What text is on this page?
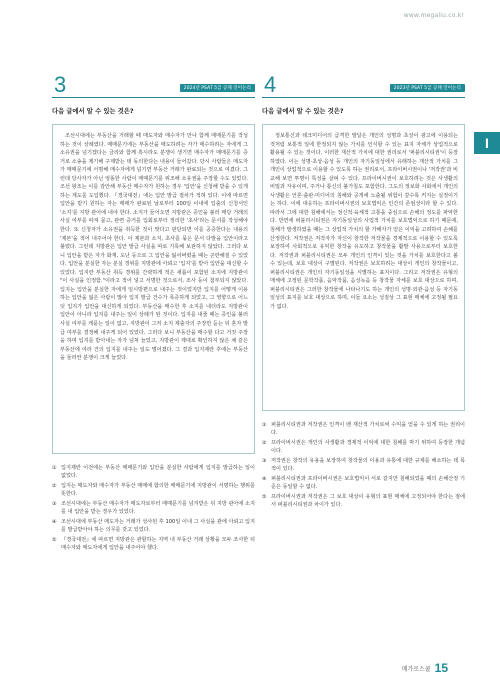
www.megaliu.co.kr
I
3	2024년 PSAT 5급 공채 언어논리
다음 글에서 알 수 있는 것은?

조선시대에는 부동산을 거래할 때 매도자와 매수자가 만나 함께 매매문기를 작성하는 것이 상례였다. 매매문기에는 부동산을 매도하려는 자가 매수하려는 자에게 그 소유권을 넘기겠다는 금리와 함께 흑시라도 분쟁이 생기면 매수자가 매매문기를 증거로 소송을 제기해 구제받는 데 동의한다는 내용이 들어갔다. 당시 사람들은 매도자가 매매문기에 서명해 매수자에게 넘기면 부동산 거래가 완료되는 것으로 여겼다. 그런데 당사자가 아닌 엉뚱한 사람이 매매문기를 위조해 소유권을 주장할 수도 있었다. 조선 왕조는 이를 감안해 부동산 매수자가 원하는 경우 '입안'을 신청해 받을 수 있게 하는 제도를 도입했다. 『경국대전』에는 입안 발급 절차가 적혀 있다. 이에 따르면 입안을 받기 원하는 자는 매매가 완료된 날로부터 100일 이내에 입출의 신청서인 '소지'를 지방 관아에 내야 한다. 소지가 들어오면 지방관은 증인을 불러 매당 거래의 사실 여부를 따져 묻고, 관련 증거를 입회로부터 정리한 '초사'라는 문서를 작성해야 한다. 또 신청자가 소유권을 취득한 것이 맞다고 판단되면 이를 공증한다는 내용의 '제본'을 적어 내주어야 한다. 이 제본과 소지, 초사를 묶은 문서 다발을 입안이라고 불렀다. 그런데 지방관은 입안 발급 사실을 따로 기록해 보관하지 않았다. 그러다 보니 입안을 받은 자가 화재, 도난 등으로 그 입안을 잃어버렸을 때는 곤란해질 수 있었다. 입안을 분실한 자는 분실 경위를 지방관에 아뢰고 '입지'를 받아 입안을 대신할 수 있었다. 입지란 부동산 취득 경위를 간략하게 적은 새롭이 포함된 소지에 지방관이 "이 사실을 인정함."이라고 적어 넣고 서명한 것으로서, 조사 등이 첨부되지 않았다. 입지는 입안을 분실한 자에게 임시방편으로 내주는 것이었지만 입지를 어떻게 이용하는 입안을 잃은 사람이 많아 입지 발급 건수가 폭증하게 되었고, 그 영향으로 어느덧 입지가 입안을 대신하게 되었다. 부동산을 매수한 후 소지를 내더라도 지방관이 입안이 아니라 입지를 내주는 일이 상례가 된 것이다. 입지를 내줄 때는 증인을 불러 사실 여부를 캐묻는 일이 없고, 지방관이 그저 소지 제출자의 주장만 듣는 뒤 혼자 발급 여부를 결정해 내주게 되어 있었다. 그러다 보니 부동산을 매수할 다고 거짓 주장을 하며 입지를 받아내는 자가 넘쳐 늘었고, 지방관이 제대로 확인하지 않은 채 같은 부동산에 여러 건의 입지를 내주는 일도 벌어졌다. 그 결과 입지제란 후에는 부동산을 둘러싼 분쟁이 크게 늘었다.

① 입지제란 이전에는 부동산 매매문기와 입안을 분실한 사람에게 입지를 발급하는 일이 없었다.
② 입지는 매도자와 매수자가 부동산 매매에 합의한 매매문기에 지방관이 서명하는 행위를 뜻한다.
③ 조선시대에는 부동산 매수자가 매도자로부터 매매문기를 넘겨받은 뒤 지방 관아에 소지를 내 입안을 받는 경우가 있었다.
④ 조선시대에 부동산 매도자는 거래가 성사된 후 100일 이내 그 사실을 관에 아뢰고 입지를 발급받아야 하는 의무를 갖고 있었다.
⑤ 『경국대전』에 따르면 지방관은 관할하는 지역 내 부동산 거래 상황을 모두 조사한 뒤 매수자와 매도자에게 입안을 내주어야 했다.
4	2023년 PSAT 5급 공채 언어논리
다음 글에서 알 수 있는 것은?

정보통신과 테크미디어의 급격한 발달은 개인의 성명과 초상이 광고에 이용되는 것처럼 보통적 일에 한정되지 않는 가치를 인식할 수 있는 표지 자체가 상업적으로 활용될 수 있는 것이다. 이러한 재산적 가치에 대한 권리로서 '퍼블리시티권'이 등장하였다. 이는 성명·초상·음성 등 개인의 자기동일성에서 유래하는 재산적 가치를 그 개인이 상업적으로 이용할 수 있도록 하는 권리로서, 프라이버시권이나 '저작권'과 비교해 보면 투명이 특성을 살펴 수 있다. 프라이버시권이 보호하려는 것은 사생활의 비밀과 자유이며, 주거나 통신의 불가침도 포함한다. 그도의 정보화 사회에서 개인의 사생활은 언론·출판·미디어의 침해와 공개에 노출될 위험이 갈수록 커지는 실정이기는 하다. 이에 대응하는 프라이버시권의 보호법익은 인간의 존엄성이라 할 수 있다. 따라서 그에 대한 침해에서는 정신적·육체적 고통을 중심으로 손해의 정도를 파악한다. 반면에 퍼블리시티권은 자기동일성의 사업적 가치를 보호법익으로 하기 때문에, 침해가 발생하였을 때는 그 상업적 가치의 할 가해자가 얻은 이익을 고려하여 손해를 산정한다. 저작권은 저작자가 자신이 창작한 저작물을 경제적으로 이용할 수 있도록 보장하여 사회적으로 유익한 창작을 유도하고 창작물을 활발 사용으로부터 보호한다. 저작권과 퍼블리시티권은 모두 개인의 인격이 있는 것을 가치를 보호한다고 볼 수 있는데, 보호 대상이 구별된다. 저작권은 보호하려는 대상이 개인의 창작물이고, 퍼블리시티권은 개인의 자기동일성을 식별하는 표지이다. 그리고 저작권은 유형의 매체에 고정된 문학작품, 음악작품, 음성녹음 등 창작물 자체를 보호 대상으로 하며, 퍼블리시티권은 그러한 창작물에 나타나기도 하는 개인의 성명·외관·음성 등 자기동일성의 표지를 보호 대상으로 하며, 이들 요소는 성질상 그 표현 매체에 고정될 필요가 없다.

① 퍼블리시티권과 저작권은 인격이 밴 재산적 가치로써 수익을 얻을 수 있게 하는 권리이다.
② 프라이버시권은 개인의 사생활과 경제적 이익에 대한 침해를 막기 위하여 등장한 개념이다.
③ 저작권은 창작의 유용을 보장하여 창작물의 이용과 유통에 대한 규제를 해소하는 데 목적이 있다.
④ 퍼블리시티권과 프라이버시권은 보호법익이 서로 같지만 침해되었을 때의 손해산정 기준은 동일할 수 없다.
⑤ 프라이버시권과 저작권은 그 보호 대상이 유형의 표현 매체에 고정되어야 한다는 점에서 퍼블리시티권과 차이가 있다.
메가로스쿨 15
